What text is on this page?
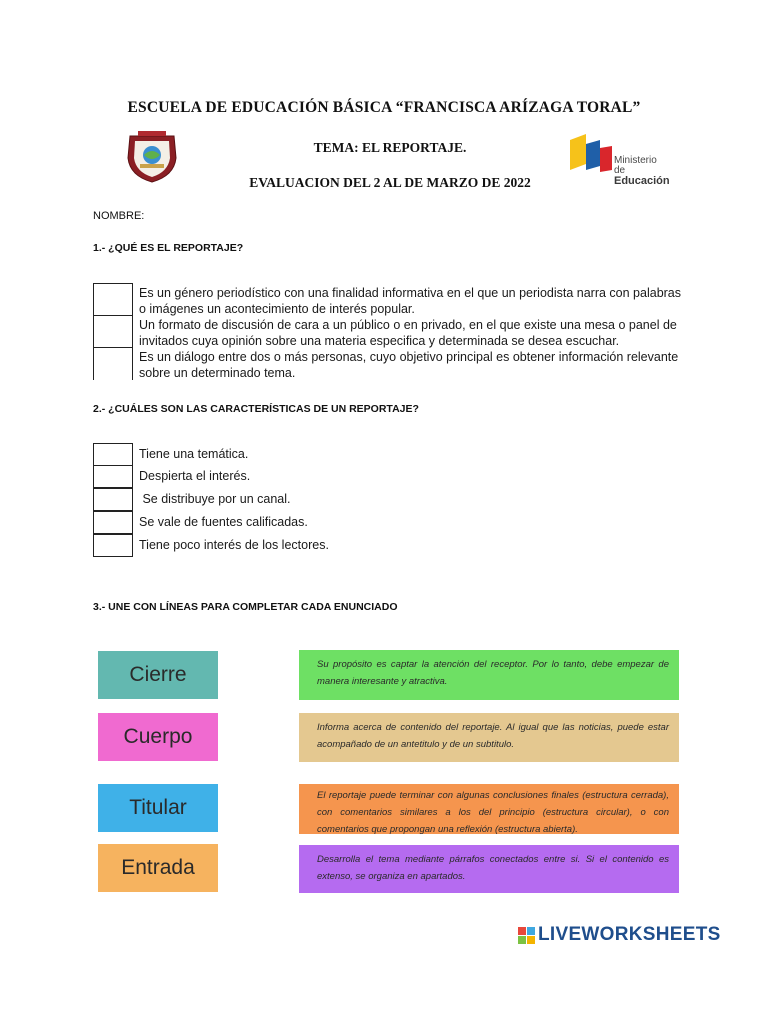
ESCUELA DE EDUCACIÓN BÁSICA “FRANCISCA ARÍZAGA TORAL”
TEMA: EL REPORTAJE.
EVALUACION DEL 2 AL DE MARZO DE 2022
Ministerio
de Educación
NOMBRE:
1.- ¿QUÉ ES EL REPORTAJE?
Es un género periodístico con una finalidad informativa en el que un periodista narra con palabras o imágenes un acontecimiento de interés popular.
Un formato de discusión de cara a un público o en privado, en el que existe una mesa o panel de invitados cuya opinión sobre una materia especifica y determinada se desea escuchar.
Es un diálogo entre dos o más personas, cuyo objetivo principal es obtener información relevante sobre un determinado tema.
2.- ¿CUÁLES SON LAS CARACTERÍSTICAS DE UN REPORTAJE?
Tiene una temática.
Despierta el interés.
Se distribuye por un canal.
Se vale de fuentes calificadas.
Tiene poco interés de los lectores.
3.- UNE CON LÍNEAS PARA COMPLETAR CADA ENUNCIADO
Cierre
Cuerpo
Titular
Entrada
Su propósito es captar la atención del receptor. Por lo tanto, debe empezar de manera interesante y atractiva.
Informa acerca de contenido del reportaje. Al igual que las noticias, puede estar acompañado de un antetitulo y de un subtitulo.
El reportaje puede terminar con algunas conclusiones finales (estructura cerrada), con comentarios similares a los del principio (estructura circular), o con comentarios que propongan una reflexión (estructura abierta).
Desarrolla el tema mediante párrafos conectados entre si. Si el contenido es extenso, se organiza en apartados.
LIVEWORKSHEETS
